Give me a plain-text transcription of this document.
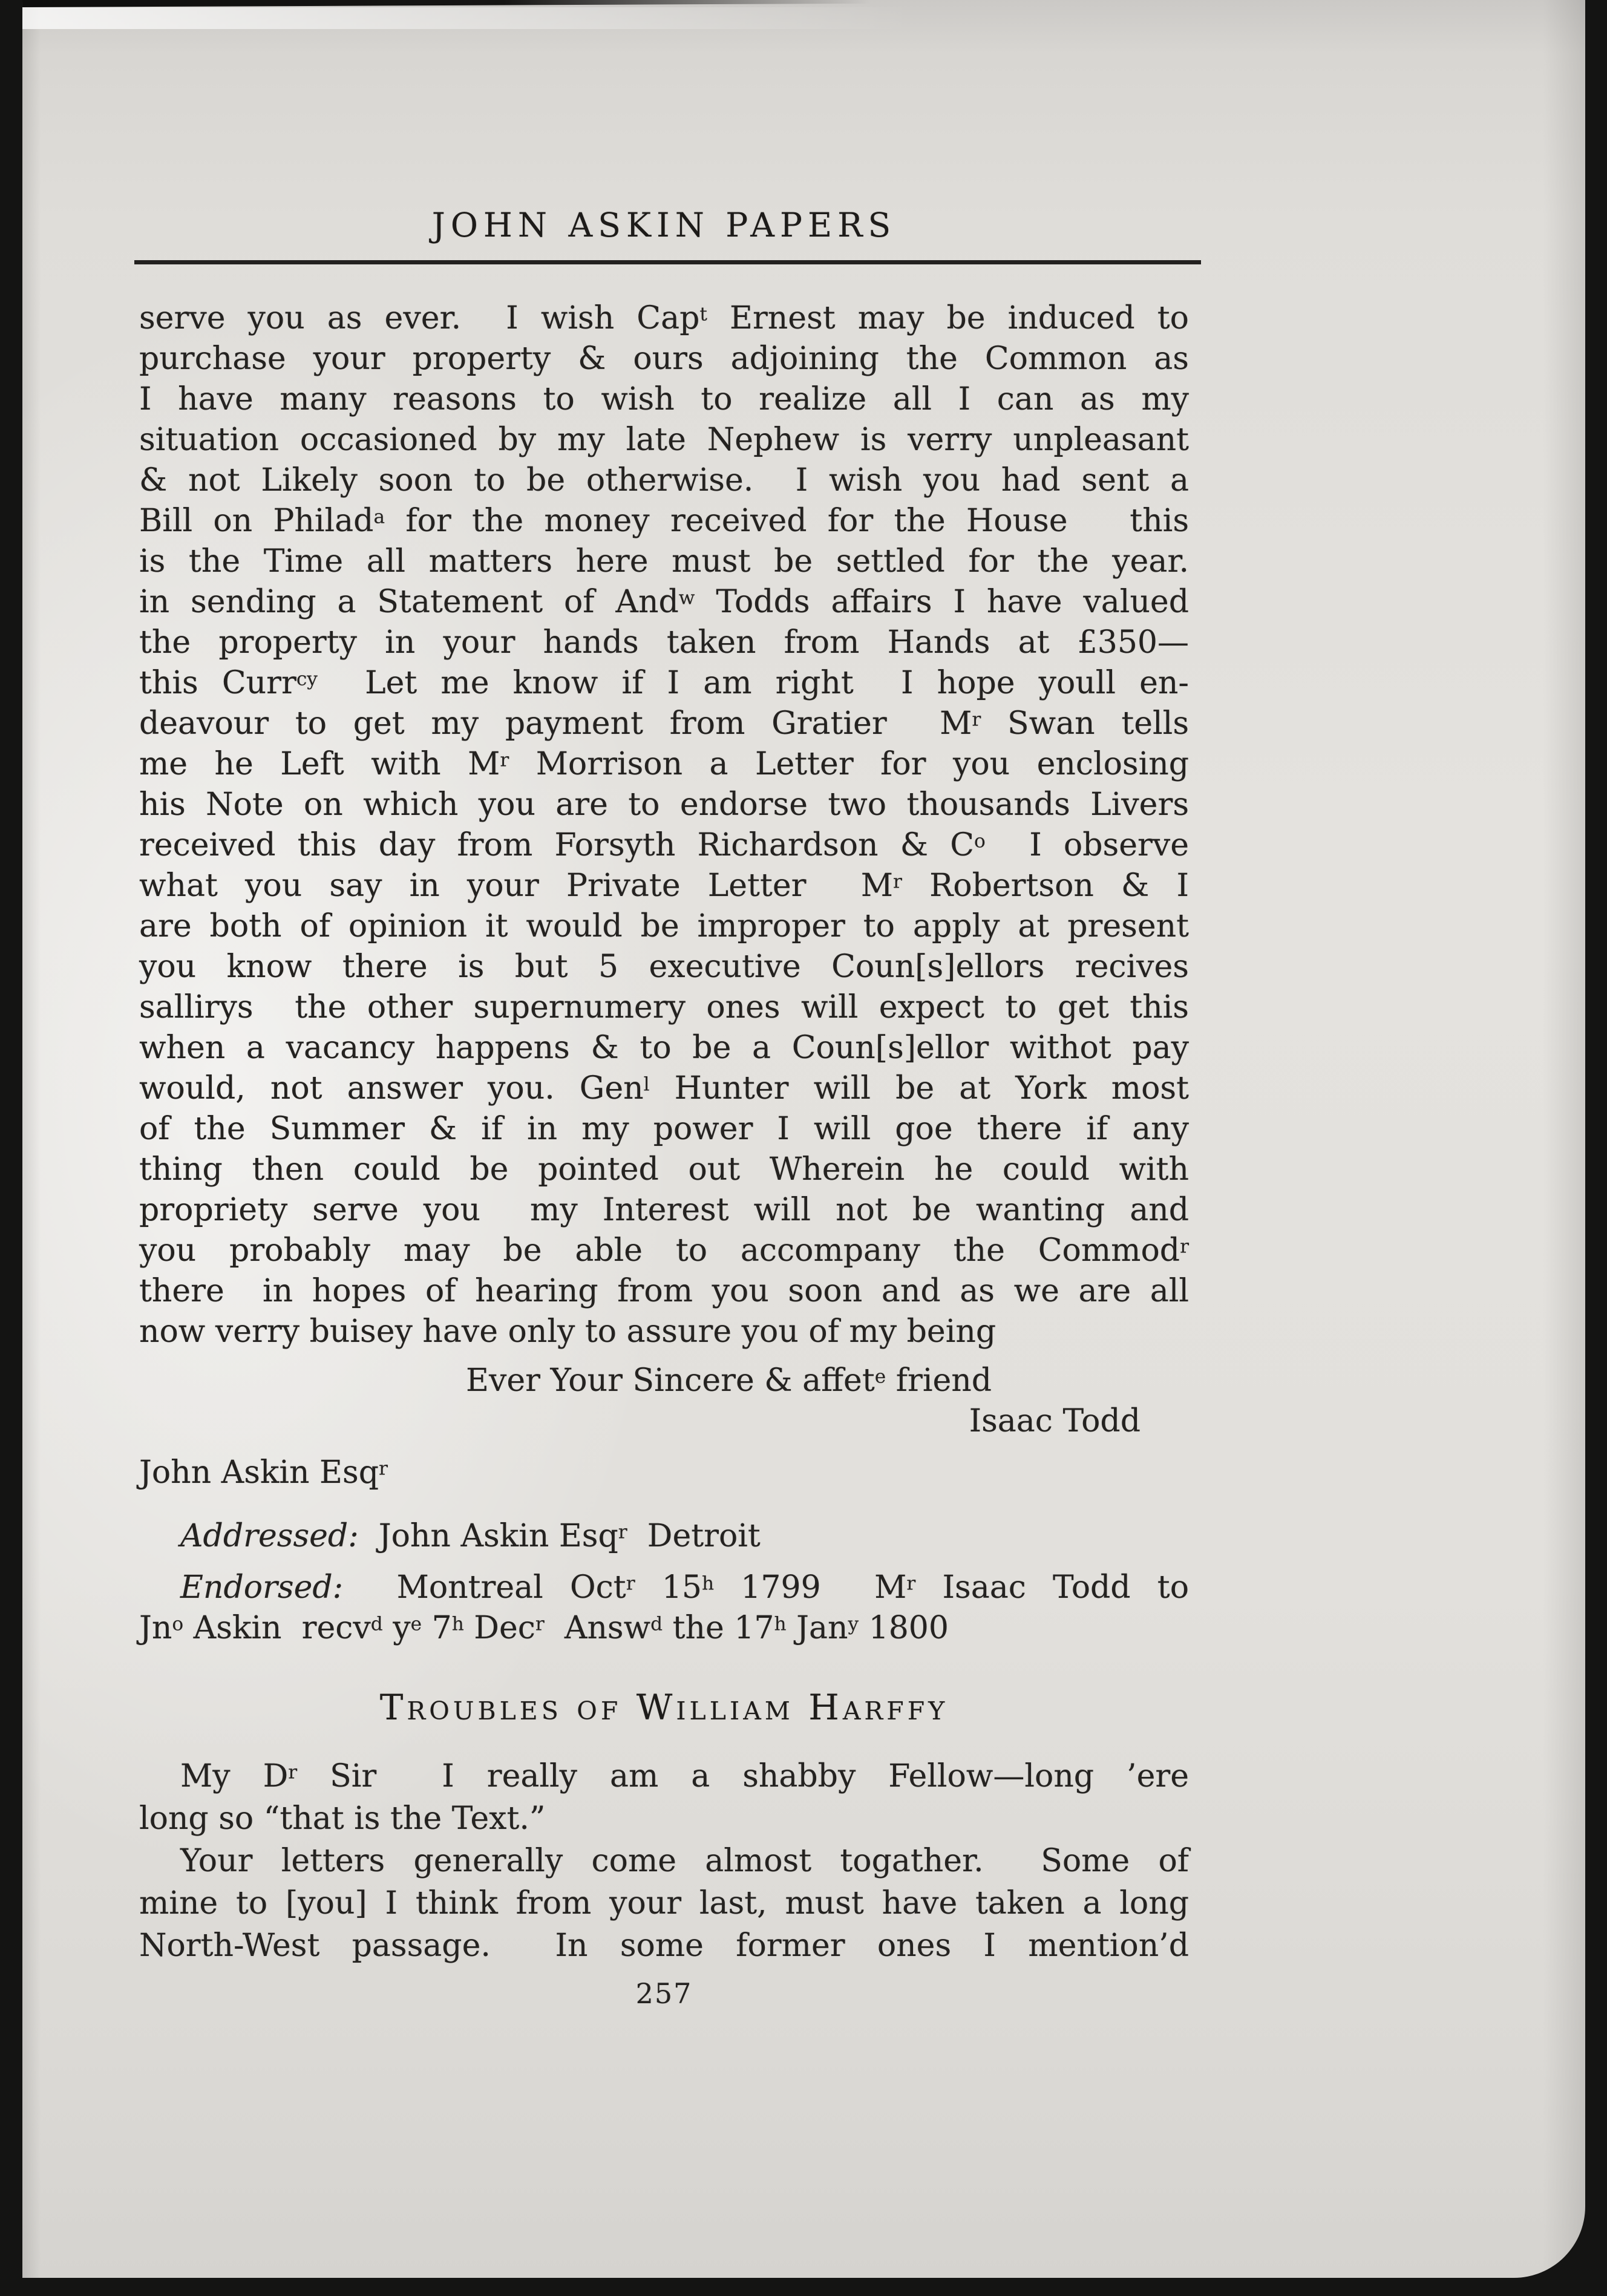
JOHN ASKIN PAPERS
serve you as ever.  I wish Cap$^t$ Ernest may be induced to
purchase your property & ours adjoining the Common as
I have many reasons to wish to realize all I can as my
situation occasioned by my late Nephew is verry unpleasant
& not Likely soon to be otherwise.  I wish you had sent a
Bill on Philad$^a$ for the money received for the House   this
is the Time all matters here must be settled for the year.
in sending a Statement of And$^w$ Todds affairs I have valued
the property in your hands taken from Hands at £350—
this Curr$^{cy}$  Let me know if I am right  I hope youll en-
deavour to get my payment from Gratier  $M^r$ Swan tells
me he Left with $M^r$ Morrison a Letter for you enclosing
his Note on which you are to endorse two thousands Livers
received this day from Forsyth Richardson & $C^o$  I observe
what you say in your Private Letter  $M^r$ Robertson & I
are both of opinion it would be improper to apply at present
you know there is but 5 executive Coun[s]ellors recives
sallirys  the other supernumery ones will expect to get this
when a vacancy happens & to be a Coun[s]ellor withot pay
would, not answer you. Gen$^l$ Hunter will be at York most
of the Summer & if in my power I will goe there if any
thing then could be pointed out Wherein he could with
propriety serve you  my Interest will not be wanting and
you probably may be able to accompany the Commod$^r$
there  in hopes of hearing from you soon and as we are all
now verry buisey have only to assure you of my being
Ever Your Sincere & affet$^e$ friend
Isaac Todd
John Askin Esq$^r$
Addressed:  John Askin Esq$^r$  Detroit
Endorsed:  Montreal Oct$^r$ 15$^h$ 1799  $M^r$ Isaac Todd to
Jn$^o$ Askin  recv$^d$ $y^e$ 7$^h$ Dec$^r$  Answ$^d$ the 17$^h$ Jan$^y$ 1800
Troubles of William Harffy
My $D^r$ Sir  I really am a shabby Fellow—long ’ere
long so “that is the Text.”
Your letters generally come almost togather.  Some of
mine to [you] I think from your last, must have taken a long
North-West passage.  In some former ones I mention’d
257
